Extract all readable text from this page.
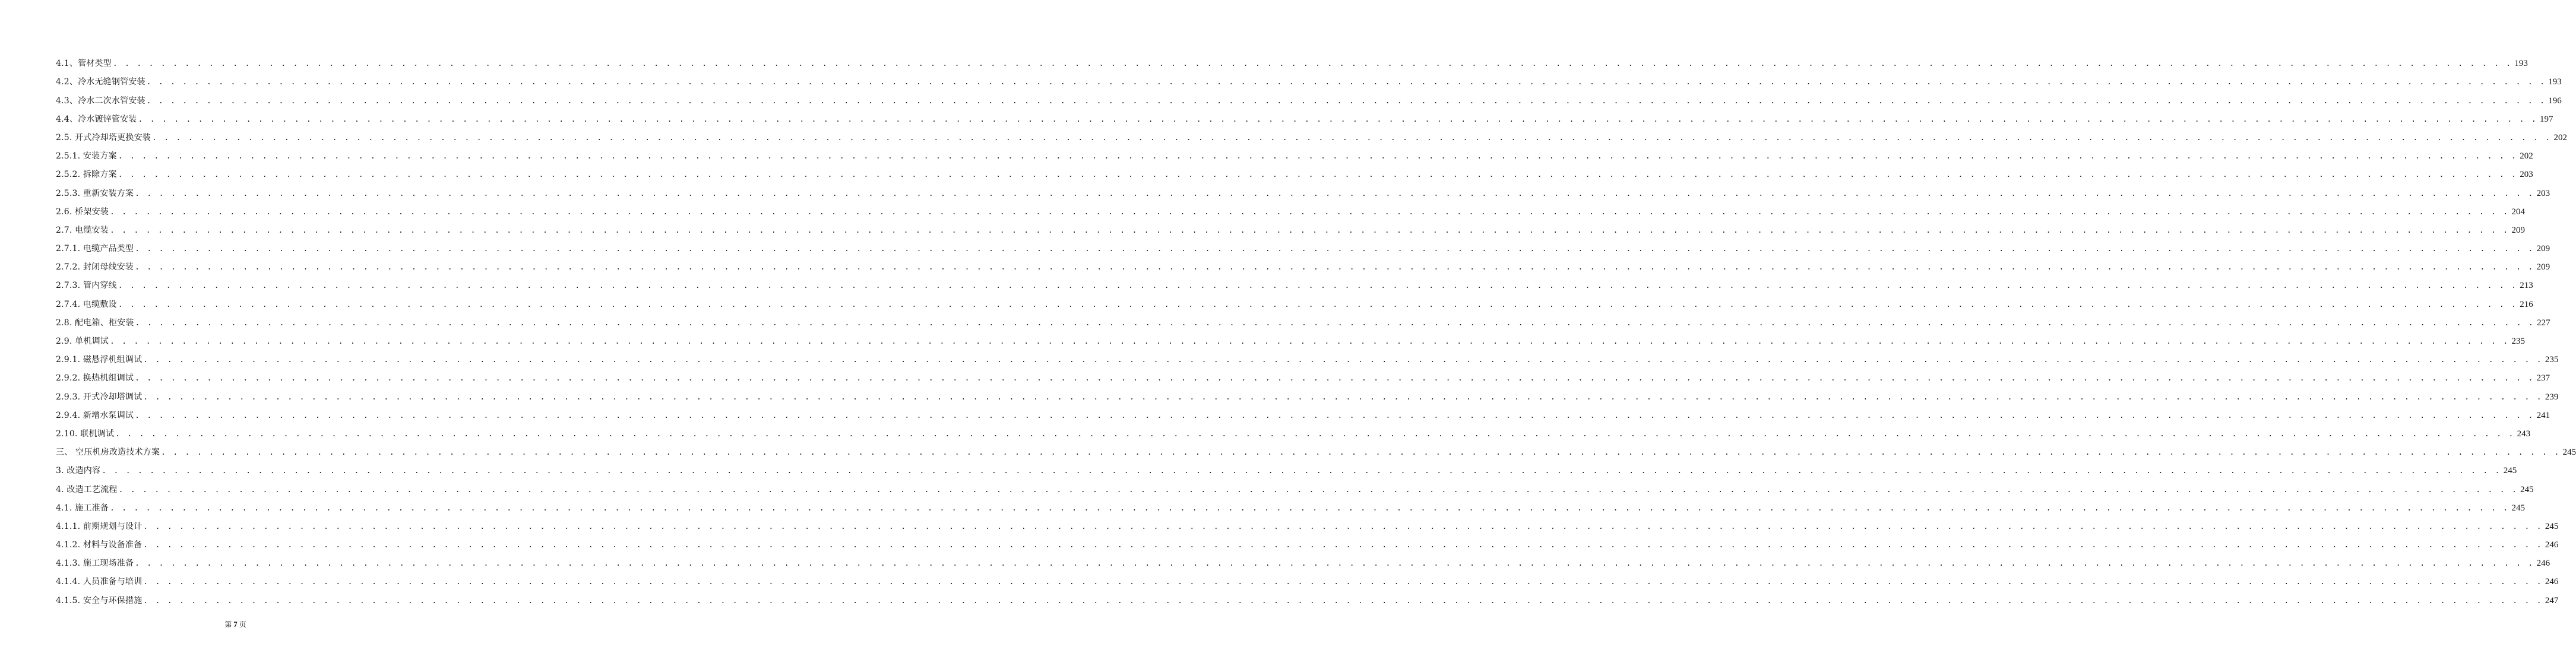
4.1、管材类型 . . . . . . . . . . . . . . . . . . . . . . . . . . . . . . . . . . . . . . . . . . . . . . . . . . . . . . . . . . . . . . . . . . . . . . . . . . . . . . . . . . . . . . . . . . . . . . . . . . . . . . . . . . . . . . . . . . . . . . . . . . . . . . . . . . . . . . . . . . . . . . . . . . . . . . . . . . . . . . . . . . . . . . . . . . . . . . . . . . . . . . . . . . . . . . . . . . . . . . . . 193
4.2、冷水无缝钢管安装 . . . . . . . . . . . . . . . . . . . . . . . . . . . . . . . . . . . . . . . . . . . . . . . . . . . . . . . . . . . . . . . . . . . . . . . . . . . . . . . . . . . . . . . . . . . . . . . . . . . . . . . . . . . . . . . . . . . . . . . . . . . . . . . . . . . . . . . . . . . . . . . . . . . . . . . . . . . . . . . . . . . . . . . . . . . . . . . . . . . . . . . . . . . . . . . . . . . . . . . . 193
4.3、冷水二次水管安装 . . . . . . . . . . . . . . . . . . . . . . . . . . . . . . . . . . . . . . . . . . . . . . . . . . . . . . . . . . . . . . . . . . . . . . . . . . . . . . . . . . . . . . . . . . . . . . . . . . . . . . . . . . . . . . . . . . . . . . . . . . . . . . . . . . . . . . . . . . . . . . . . . . . . . . . . . . . . . . . . . . . . . . . . . . . . . . . . . . . . . . . . . . . . . . . . . . . . . . . . 196
4.4、冷水镀锌管安装 . . . . . . . . . . . . . . . . . . . . . . . . . . . . . . . . . . . . . . . . . . . . . . . . . . . . . . . . . . . . . . . . . . . . . . . . . . . . . . . . . . . . . . . . . . . . . . . . . . . . . . . . . . . . . . . . . . . . . . . . . . . . . . . . . . . . . . . . . . . . . . . . . . . . . . . . . . . . . . . . . . . . . . . . . . . . . . . . . . . . . . . . . . . . . . . . . . . . . . . . 197
2.5. 开式冷却塔更换安装 . . . . . . . . . . . . . . . . . . . . . . . . . . . . . . . . . . . . . . . . . . . . . . . . . . . . . . . . . . . . . . . . . . . . . . . . . . . . . . . . . . . . . . . . . . . . . . . . . . . . . . . . . . . . . . . . . . . . . . . . . . . . . . . . . . . . . . . . . . . . . . . . . . . . . . . . . . . . . . . . . . . . . . . . . . . . . . . . . . . . . . . . . . . . . . . . . . . . . . . . 202
2.5.1. 安装方案 . . . . . . . . . . . . . . . . . . . . . . . . . . . . . . . . . . . . . . . . . . . . . . . . . . . . . . . . . . . . . . . . . . . . . . . . . . . . . . . . . . . . . . . . . . . . . . . . . . . . . . . . . . . . . . . . . . . . . . . . . . . . . . . . . . . . . . . . . . . . . . . . . . . . . . . . . . . . . . . . . . . . . . . . . . . . . . . . . . . . . . . . . . . . . . . . . . . . . . . . 202
2.5.2. 拆除方案 . . . . . . . . . . . . . . . . . . . . . . . . . . . . . . . . . . . . . . . . . . . . . . . . . . . . . . . . . . . . . . . . . . . . . . . . . . . . . . . . . . . . . . . . . . . . . . . . . . . . . . . . . . . . . . . . . . . . . . . . . . . . . . . . . . . . . . . . . . . . . . . . . . . . . . . . . . . . . . . . . . . . . . . . . . . . . . . . . . . . . . . . . . . . . . . . . . . . . . . . 203
2.5.3. 重新安装方案 . . . . . . . . . . . . . . . . . . . . . . . . . . . . . . . . . . . . . . . . . . . . . . . . . . . . . . . . . . . . . . . . . . . . . . . . . . . . . . . . . . . . . . . . . . . . . . . . . . . . . . . . . . . . . . . . . . . . . . . . . . . . . . . . . . . . . . . . . . . . . . . . . . . . . . . . . . . . . . . . . . . . . . . . . . . . . . . . . . . . . . . . . . . . . . . . . . . . . . . . 203
2.6. 桥架安装 . . . . . . . . . . . . . . . . . . . . . . . . . . . . . . . . . . . . . . . . . . . . . . . . . . . . . . . . . . . . . . . . . . . . . . . . . . . . . . . . . . . . . . . . . . . . . . . . . . . . . . . . . . . . . . . . . . . . . . . . . . . . . . . . . . . . . . . . . . . . . . . . . . . . . . . . . . . . . . . . . . . . . . . . . . . . . . . . . . . . . . . . . . . . . . . . . . . . . . . . 204
2.7. 电缆安装 . . . . . . . . . . . . . . . . . . . . . . . . . . . . . . . . . . . . . . . . . . . . . . . . . . . . . . . . . . . . . . . . . . . . . . . . . . . . . . . . . . . . . . . . . . . . . . . . . . . . . . . . . . . . . . . . . . . . . . . . . . . . . . . . . . . . . . . . . . . . . . . . . . . . . . . . . . . . . . . . . . . . . . . . . . . . . . . . . . . . . . . . . . . . . . . . . . . . . . . . 209
2.7.1. 电缆产品类型 . . . . . . . . . . . . . . . . . . . . . . . . . . . . . . . . . . . . . . . . . . . . . . . . . . . . . . . . . . . . . . . . . . . . . . . . . . . . . . . . . . . . . . . . . . . . . . . . . . . . . . . . . . . . . . . . . . . . . . . . . . . . . . . . . . . . . . . . . . . . . . . . . . . . . . . . . . . . . . . . . . . . . . . . . . . . . . . . . . . . . . . . . . . . . . . . . . . . . . . . 209
2.7.2. 封闭母线安装 . . . . . . . . . . . . . . . . . . . . . . . . . . . . . . . . . . . . . . . . . . . . . . . . . . . . . . . . . . . . . . . . . . . . . . . . . . . . . . . . . . . . . . . . . . . . . . . . . . . . . . . . . . . . . . . . . . . . . . . . . . . . . . . . . . . . . . . . . . . . . . . . . . . . . . . . . . . . . . . . . . . . . . . . . . . . . . . . . . . . . . . . . . . . . . . . . . . . . . . . 209
2.7.3. 管内穿线 . . . . . . . . . . . . . . . . . . . . . . . . . . . . . . . . . . . . . . . . . . . . . . . . . . . . . . . . . . . . . . . . . . . . . . . . . . . . . . . . . . . . . . . . . . . . . . . . . . . . . . . . . . . . . . . . . . . . . . . . . . . . . . . . . . . . . . . . . . . . . . . . . . . . . . . . . . . . . . . . . . . . . . . . . . . . . . . . . . . . . . . . . . . . . . . . . . . . . . . . 213
2.7.4. 电缆敷设 . . . . . . . . . . . . . . . . . . . . . . . . . . . . . . . . . . . . . . . . . . . . . . . . . . . . . . . . . . . . . . . . . . . . . . . . . . . . . . . . . . . . . . . . . . . . . . . . . . . . . . . . . . . . . . . . . . . . . . . . . . . . . . . . . . . . . . . . . . . . . . . . . . . . . . . . . . . . . . . . . . . . . . . . . . . . . . . . . . . . . . . . . . . . . . . . . . . . . . . . 216
2.8. 配电箱、柜安装 . . . . . . . . . . . . . . . . . . . . . . . . . . . . . . . . . . . . . . . . . . . . . . . . . . . . . . . . . . . . . . . . . . . . . . . . . . . . . . . . . . . . . . . . . . . . . . . . . . . . . . . . . . . . . . . . . . . . . . . . . . . . . . . . . . . . . . . . . . . . . . . . . . . . . . . . . . . . . . . . . . . . . . . . . . . . . . . . . . . . . . . . . . . . . . . . . . . . . . . . 227
2.9. 单机调试 . . . . . . . . . . . . . . . . . . . . . . . . . . . . . . . . . . . . . . . . . . . . . . . . . . . . . . . . . . . . . . . . . . . . . . . . . . . . . . . . . . . . . . . . . . . . . . . . . . . . . . . . . . . . . . . . . . . . . . . . . . . . . . . . . . . . . . . . . . . . . . . . . . . . . . . . . . . . . . . . . . . . . . . . . . . . . . . . . . . . . . . . . . . . . . . . . . . . . . . . 235
2.9.1. 磁悬浮机组调试 . . . . . . . . . . . . . . . . . . . . . . . . . . . . . . . . . . . . . . . . . . . . . . . . . . . . . . . . . . . . . . . . . . . . . . . . . . . . . . . . . . . . . . . . . . . . . . . . . . . . . . . . . . . . . . . . . . . . . . . . . . . . . . . . . . . . . . . . . . . . . . . . . . . . . . . . . . . . . . . . . . . . . . . . . . . . . . . . . . . . . . . . . . . . . . . . . . . . . . . . 235
2.9.2. 换热机组调试 . . . . . . . . . . . . . . . . . . . . . . . . . . . . . . . . . . . . . . . . . . . . . . . . . . . . . . . . . . . . . . . . . . . . . . . . . . . . . . . . . . . . . . . . . . . . . . . . . . . . . . . . . . . . . . . . . . . . . . . . . . . . . . . . . . . . . . . . . . . . . . . . . . . . . . . . . . . . . . . . . . . . . . . . . . . . . . . . . . . . . . . . . . . . . . . . . . . . . . . . 237
2.9.3. 开式冷却塔调试 . . . . . . . . . . . . . . . . . . . . . . . . . . . . . . . . . . . . . . . . . . . . . . . . . . . . . . . . . . . . . . . . . . . . . . . . . . . . . . . . . . . . . . . . . . . . . . . . . . . . . . . . . . . . . . . . . . . . . . . . . . . . . . . . . . . . . . . . . . . . . . . . . . . . . . . . . . . . . . . . . . . . . . . . . . . . . . . . . . . . . . . . . . . . . . . . . . . . . . . . 239
2.9.4. 新增水泵调试 . . . . . . . . . . . . . . . . . . . . . . . . . . . . . . . . . . . . . . . . . . . . . . . . . . . . . . . . . . . . . . . . . . . . . . . . . . . . . . . . . . . . . . . . . . . . . . . . . . . . . . . . . . . . . . . . . . . . . . . . . . . . . . . . . . . . . . . . . . . . . . . . . . . . . . . . . . . . . . . . . . . . . . . . . . . . . . . . . . . . . . . . . . . . . . . . . . . . . . . . 241
2.10. 联机调试 . . . . . . . . . . . . . . . . . . . . . . . . . . . . . . . . . . . . . . . . . . . . . . . . . . . . . . . . . . . . . . . . . . . . . . . . . . . . . . . . . . . . . . . . . . . . . . . . . . . . . . . . . . . . . . . . . . . . . . . . . . . . . . . . . . . . . . . . . . . . . . . . . . . . . . . . . . . . . . . . . . . . . . . . . . . . . . . . . . . . . . . . . . . . . . . . . . . . . . . . 243
三、 空压机房改造技术方案 . . . . . . . . . . . . . . . . . . . . . . . . . . . . . . . . . . . . . . . . . . . . . . . . . . . . . . . . . . . . . . . . . . . . . . . . . . . . . . . . . . . . . . . . . . . . . . . . . . . . . . . . . . . . . . . . . . . . . . . . . . . . . . . . . . . . . . . . . . . . . . . . . . . . . . . . . . . . . . . . . . . . . . . . . . . . . . . . . . . . . . . . . . . . . . . . . . . . . . . . 245
3. 改造内容 . . . . . . . . . . . . . . . . . . . . . . . . . . . . . . . . . . . . . . . . . . . . . . . . . . . . . . . . . . . . . . . . . . . . . . . . . . . . . . . . . . . . . . . . . . . . . . . . . . . . . . . . . . . . . . . . . . . . . . . . . . . . . . . . . . . . . . . . . . . . . . . . . . . . . . . . . . . . . . . . . . . . . . . . . . . . . . . . . . . . . . . . . . . . . . . . . . . . . . . . 245
4. 改造工艺流程 . . . . . . . . . . . . . . . . . . . . . . . . . . . . . . . . . . . . . . . . . . . . . . . . . . . . . . . . . . . . . . . . . . . . . . . . . . . . . . . . . . . . . . . . . . . . . . . . . . . . . . . . . . . . . . . . . . . . . . . . . . . . . . . . . . . . . . . . . . . . . . . . . . . . . . . . . . . . . . . . . . . . . . . . . . . . . . . . . . . . . . . . . . . . . . . . . . . . . . . . 245
4.1. 施工准备 . . . . . . . . . . . . . . . . . . . . . . . . . . . . . . . . . . . . . . . . . . . . . . . . . . . . . . . . . . . . . . . . . . . . . . . . . . . . . . . . . . . . . . . . . . . . . . . . . . . . . . . . . . . . . . . . . . . . . . . . . . . . . . . . . . . . . . . . . . . . . . . . . . . . . . . . . . . . . . . . . . . . . . . . . . . . . . . . . . . . . . . . . . . . . . . . . . . . . . . . 245
4.1.1. 前期规划与设计 . . . . . . . . . . . . . . . . . . . . . . . . . . . . . . . . . . . . . . . . . . . . . . . . . . . . . . . . . . . . . . . . . . . . . . . . . . . . . . . . . . . . . . . . . . . . . . . . . . . . . . . . . . . . . . . . . . . . . . . . . . . . . . . . . . . . . . . . . . . . . . . . . . . . . . . . . . . . . . . . . . . . . . . . . . . . . . . . . . . . . . . . . . . . . . . . . . . . . . . . 245
4.1.2. 材料与设备准备 . . . . . . . . . . . . . . . . . . . . . . . . . . . . . . . . . . . . . . . . . . . . . . . . . . . . . . . . . . . . . . . . . . . . . . . . . . . . . . . . . . . . . . . . . . . . . . . . . . . . . . . . . . . . . . . . . . . . . . . . . . . . . . . . . . . . . . . . . . . . . . . . . . . . . . . . . . . . . . . . . . . . . . . . . . . . . . . . . . . . . . . . . . . . . . . . . . . . . . . . 246
4.1.3. 施工现场准备 . . . . . . . . . . . . . . . . . . . . . . . . . . . . . . . . . . . . . . . . . . . . . . . . . . . . . . . . . . . . . . . . . . . . . . . . . . . . . . . . . . . . . . . . . . . . . . . . . . . . . . . . . . . . . . . . . . . . . . . . . . . . . . . . . . . . . . . . . . . . . . . . . . . . . . . . . . . . . . . . . . . . . . . . . . . . . . . . . . . . . . . . . . . . . . . . . . . . . . . . 246
4.1.4. 人员准备与培训 . . . . . . . . . . . . . . . . . . . . . . . . . . . . . . . . . . . . . . . . . . . . . . . . . . . . . . . . . . . . . . . . . . . . . . . . . . . . . . . . . . . . . . . . . . . . . . . . . . . . . . . . . . . . . . . . . . . . . . . . . . . . . . . . . . . . . . . . . . . . . . . . . . . . . . . . . . . . . . . . . . . . . . . . . . . . . . . . . . . . . . . . . . . . . . . . . . . . . . . . 246
4.1.5. 安全与环保措施 . . . . . . . . . . . . . . . . . . . . . . . . . . . . . . . . . . . . . . . . . . . . . . . . . . . . . . . . . . . . . . . . . . . . . . . . . . . . . . . . . . . . . . . . . . . . . . . . . . . . . . . . . . . . . . . . . . . . . . . . . . . . . . . . . . . . . . . . . . . . . . . . . . . . . . . . . . . . . . . . . . . . . . . . . . . . . . . . . . . . . . . . . . . . . . . . . . . . . . . . 247
第 7 页
